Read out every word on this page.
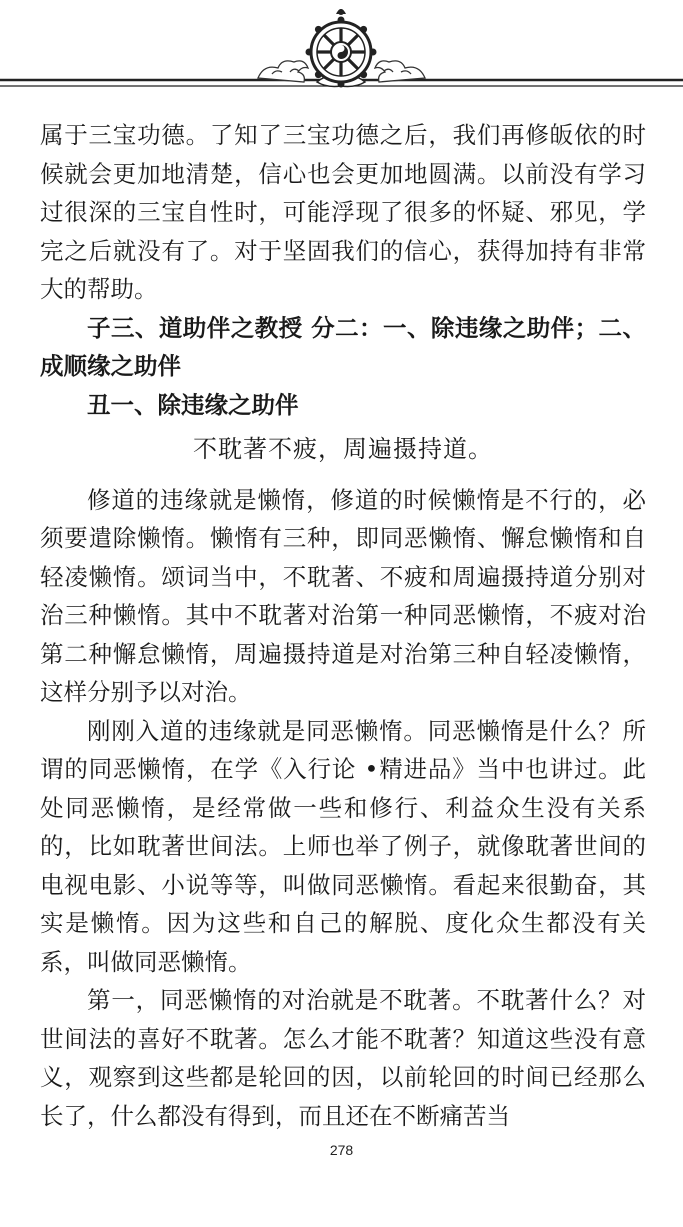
属于三宝功德。了知了三宝功德之后，我们再修皈依的时候就会更加地清楚，信心也会更加地圆满。以前没有学习过很深的三宝自性时，可能浮现了很多的怀疑、邪见，学完之后就没有了。对于坚固我们的信心，获得加持有非常大的帮助。

子三、道助伴之教授 分二：一、除违缘之助伴；二、成顺缘之助伴

丑一、除违缘之助伴

不耽著不疲，周遍摄持道。

修道的违缘就是懒惰，修道的时候懒惰是不行的，必须要遣除懒惰。懒惰有三种，即同恶懒惰、懈怠懒惰和自轻凌懒惰。颂词当中，不耽著、不疲和周遍摄持道分别对治三种懒惰。其中不耽著对治第一种同恶懒惰，不疲对治第二种懈怠懒惰，周遍摄持道是对治第三种自轻凌懒惰，这样分别予以对治。

刚刚入道的违缘就是同恶懒惰。同恶懒惰是什么？所谓的同恶懒惰，在学《入行论 •精进品》当中也讲过。此处同恶懒惰，是经常做一些和修行、利益众生没有关系的，比如耽著世间法。上师也举了例子，就像耽著世间的电视电影、小说等等，叫做同恶懒惰。看起来很勤奋，其实是懒惰。因为这些和自己的解脱、度化众生都没有关系，叫做同恶懒惰。

第一，同恶懒惰的对治就是不耽著。不耽著什么？对世间法的喜好不耽著。怎么才能不耽著？知道这些没有意义，观察到这些都是轮回的因，以前轮回的时间已经那么长了，什么都没有得到，而且还在不断痛苦当

278
